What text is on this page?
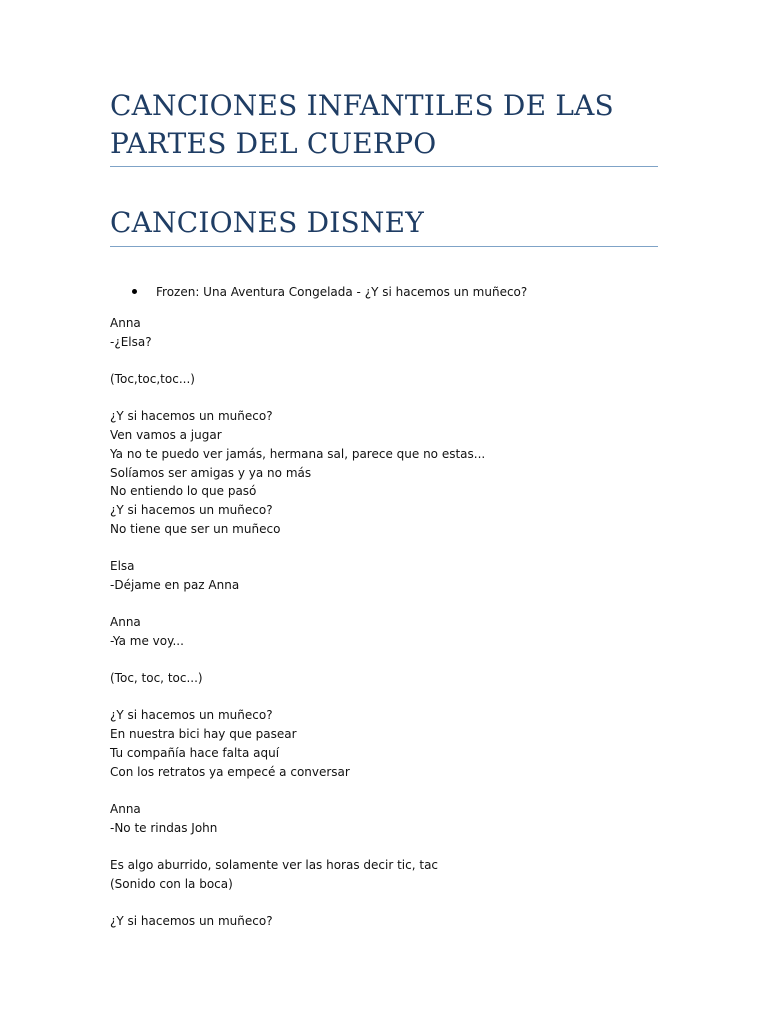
CANCIONES INFANTILES DE LAS PARTES DEL CUERPO
CANCIONES DISNEY
Frozen: Una Aventura Congelada - ¿Y si hacemos un muñeco?
Anna
-¿Elsa?
(Toc,toc,toc...)
¿Y si hacemos un muñeco?
Ven vamos a jugar
Ya no te puedo ver jamás, hermana sal, parece que no estas...
Solíamos ser amigas y ya no más
No entiendo lo que pasó
¿Y si hacemos un muñeco?
No tiene que ser un muñeco
Elsa
-Déjame en paz Anna
Anna
-Ya me voy...
(Toc, toc, toc...)
¿Y si hacemos un muñeco?
En nuestra bici hay que pasear
Tu compañía hace falta aquí
Con los retratos ya empecé a conversar
Anna
-No te rindas John
Es algo aburrido, solamente ver las horas decir tic, tac
(Sonido con la boca)
¿Y si hacemos un muñeco?
